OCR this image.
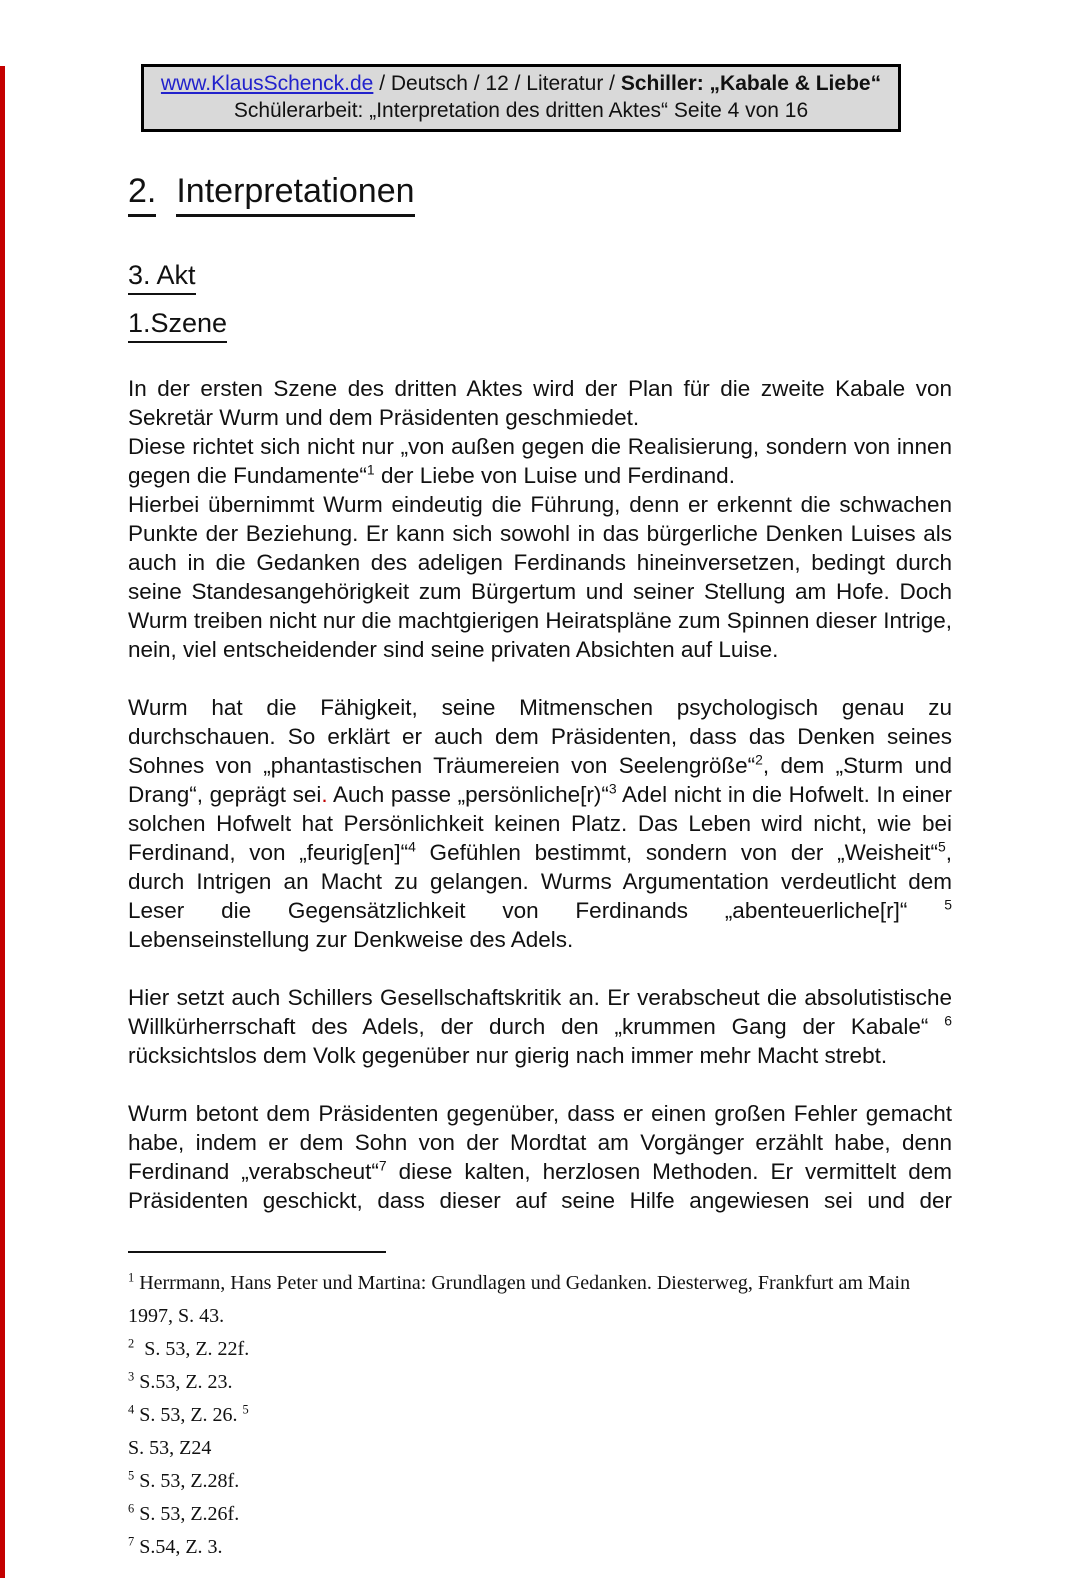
www.KlausSchenck.de / Deutsch / 12 / Literatur / Schiller: „Kabale & Liebe“
Schülerarbeit: „Interpretation des dritten Aktes“ Seite 4 von 16
2. Interpretationen
3. Akt
1.Szene

In der ersten Szene des dritten Aktes wird der Plan für die zweite Kabale von Sekretär Wurm und dem Präsidenten geschmiedet.

Diese richtet sich nicht nur „von außen gegen die Realisierung, sondern von innen gegen die Fundamente“$^1$ der Liebe von Luise und Ferdinand.

Hierbei übernimmt Wurm eindeutig die Führung, denn er erkennt die schwachen Punkte der Beziehung. Er kann sich sowohl in das bürgerliche Denken Luises als auch in die Gedanken des adeligen Ferdinands hineinversetzen, bedingt durch seine Standesangehörigkeit zum Bürgertum und seiner Stellung am Hofe. Doch Wurm treiben nicht nur die machtgierigen Heiratspläne zum Spinnen dieser Intrige, nein, viel entscheidender sind seine privaten Absichten auf Luise.

Wurm hat die Fähigkeit, seine Mitmenschen psychologisch genau zu durchschauen. So erklärt er auch dem Präsidenten, dass das Denken seines Sohnes von „phantastischen Träumereien von Seelengröße“$^2$, dem „Sturm und Drang“, geprägt sei. Auch passe „persönliche[r)“$^3$ Adel nicht in die Hofwelt. In einer solchen Hofwelt hat Persönlichkeit keinen Platz. Das Leben wird nicht, wie bei Ferdinand, von „feurig[en]“$^4$ Gefühlen bestimmt, sondern von der „Weisheit“$^5$, durch Intrigen an Macht zu gelangen. Wurms Argumentation verdeutlicht dem Leser die Gegensätzlichkeit von Ferdinands „abenteuerliche[r]“ $^5$ Lebenseinstellung zur Denkweise des Adels.

Hier setzt auch Schillers Gesellschaftskritik an. Er verabscheut die absolutistische Willkürherrschaft des Adels, der durch den „krummen Gang der Kabale“ $^6$ rücksichtslos dem Volk gegenüber nur gierig nach immer mehr Macht strebt.

Wurm betont dem Präsidenten gegenüber, dass er einen großen Fehler gemacht habe, indem er dem Sohn von der Mordtat am Vorgänger erzählt habe, denn Ferdinand „verabscheut“$^7$ diese kalten, herzlosen Methoden. Er vermittelt dem Präsidenten geschickt, dass dieser auf seine Hilfe angewiesen sei und der

$^1$ Herrmann, Hans Peter und Martina: Grundlagen und Gedanken. Diesterweg, Frankfurt am Main 1997, S. 43.
$^2$  S. 53, Z. 22f.
$^3$ S.53, Z. 23.
$^4$ S. 53, Z. 26. $^5$
S. 53, Z24
$^5$ S. 53, Z.28f.
$^6$ S. 53, Z.26f.
$^7$ S.54, Z. 3.
